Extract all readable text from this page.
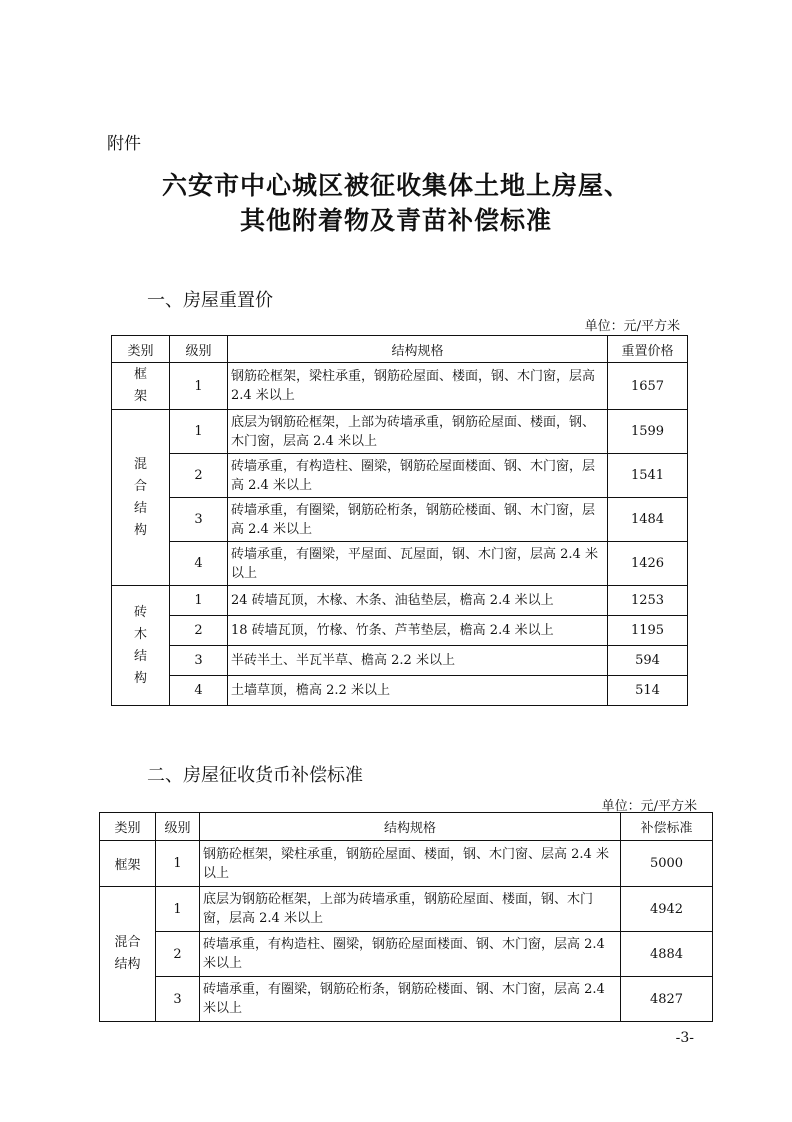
附件
六安市中心城区被征收集体土地上房屋、
其他附着物及青苗补偿标准
一、房屋重置价
单位：元/平方米
类别	级别	结构规格	重置价格

框架	1	钢筋砼框架，梁柱承重，钢筋砼屋面、楼面，钢、木门窗，层高 2.4 米以上	1657

混合结构	1	底层为钢筋砼框架，上部为砖墙承重，钢筋砼屋面、楼面，钢、木门窗，层高 2.4 米以上	1599
	2	砖墙承重，有构造柱、圈梁，钢筋砼屋面楼面、钢、木门窗，层高 2.4 米以上	1541
	3	砖墙承重，有圈梁，钢筋砼桁条，钢筋砼楼面、钢、木门窗，层高 2.4 米以上	1484
	4	砖墙承重，有圈梁，平屋面、瓦屋面，钢、木门窗，层高 2.4 米以上	1426

砖木结构	1	24 砖墙瓦顶，木椽、木条、油毡垫层，檐高 2.4 米以上	1253
	2	18 砖墙瓦顶，竹椽、竹条、芦苇垫层，檐高 2.4 米以上	1195
	3	半砖半土、半瓦半草、檐高 2.2 米以上	594
	4	土墙草顶，檐高 2.2 米以上	514
二、房屋征收货币补偿标准
单位：元/平方米
类别	级别	结构规格	补偿标准
框架	1	钢筋砼框架，梁柱承重，钢筋砼屋面、楼面，钢、木门窗、层高 2.4 米以上	5000

混合结构	1	底层为钢筋砼框架，上部为砖墙承重，钢筋砼屋面、楼面，钢、木门窗，层高 2.4 米以上	4942
	2	砖墙承重，有构造柱、圈梁，钢筋砼屋面楼面、钢、木门窗，层高 2.4 米以上	4884
	3	砖墙承重，有圈梁，钢筋砼桁条，钢筋砼楼面、钢、木门窗，层高 2.4 米以上	4827
-3-
